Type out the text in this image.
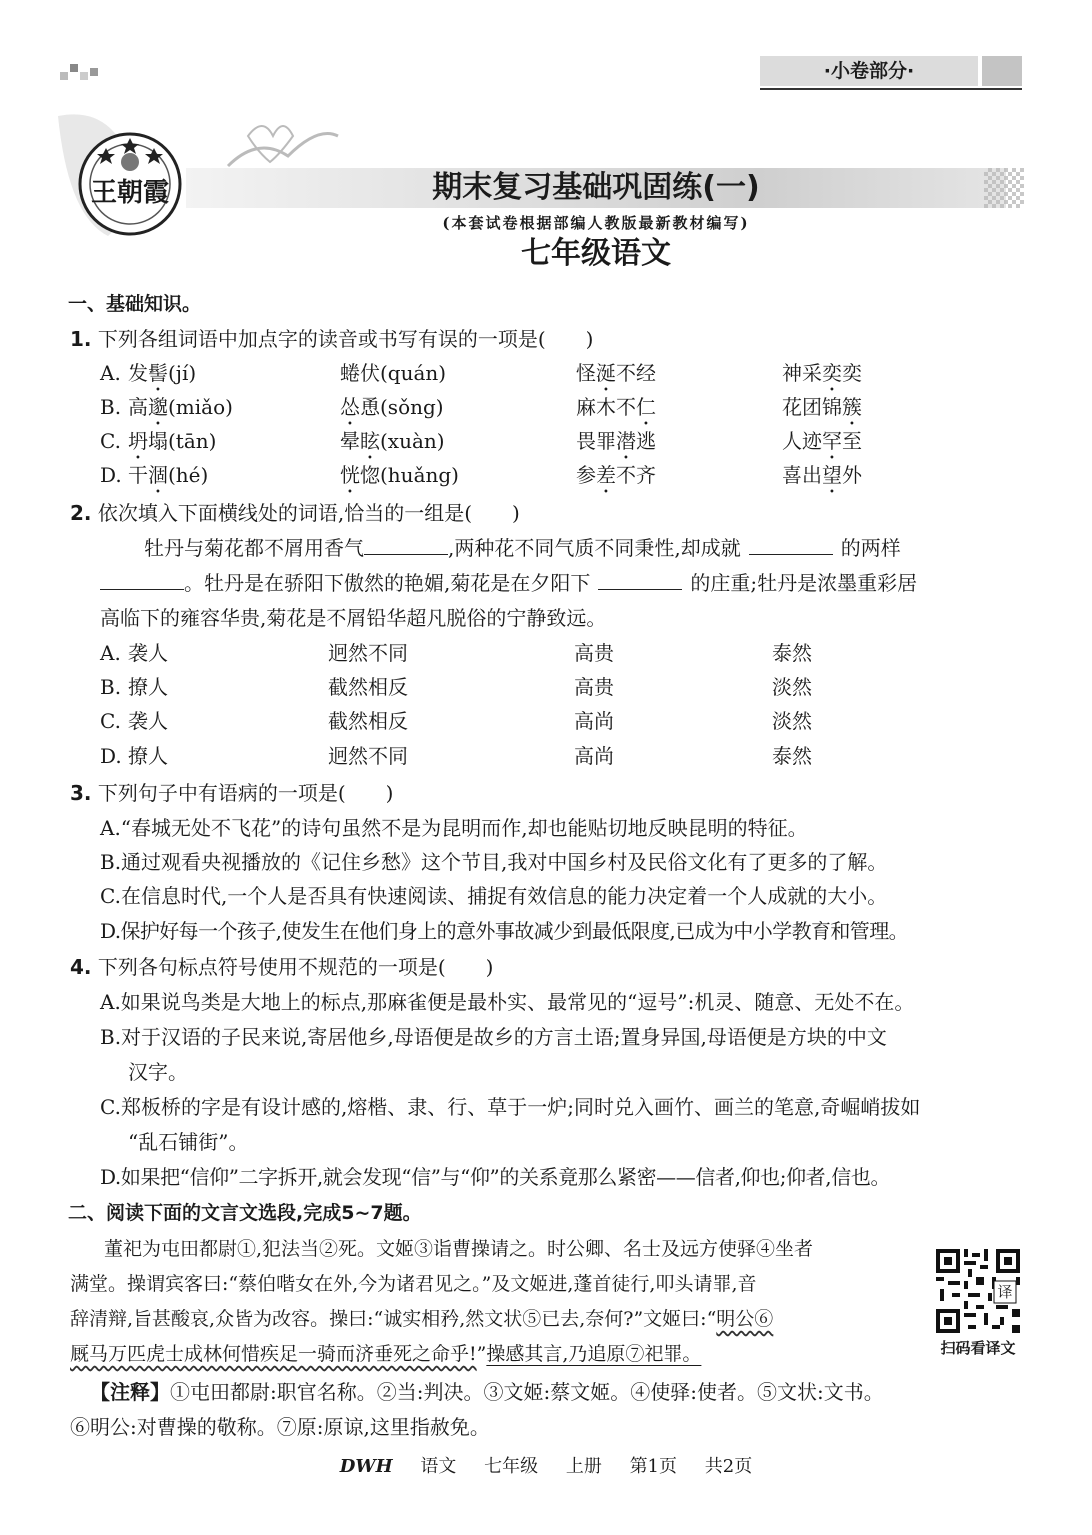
·小卷部分·
王朝霞	期末复习基础巩固练(一)
(本套试卷根据部编人教版最新教材编写)
七年级语文
一、基础知识。
1. 下列各组词语中加点字的读音或书写有误的一项是(　　)
A. 发髻(jí)	蜷伏(quán)	怪涎不经	神采奕奕
B. 高邈(miǎo)	怂恿(sǒng)	麻木不仁	花团锦簇
C. 坍塌(tān)	晕眩(xuàn)	畏罪潜逃	人迹罕至
D. 干涸(hé)	恍惚(huǎng)	参差不齐	喜出望外
2. 依次填入下面横线处的词语,恰当的一组是(　　)
牡丹与菊花都不屑用香气	,两种花不同气质不同秉性,却成就	的两样
。牡丹是在骄阳下傲然的艳媚,菊花是在夕阳下	的庄重;牡丹是浓墨重彩居
高临下的雍容华贵,菊花是不屑铅华超凡脱俗的宁静致远。
A. 袭人	迥然不同	高贵	泰然
B. 撩人	截然相反	高贵	淡然
C. 袭人	截然相反	高尚	淡然
D. 撩人	迥然不同	高尚	泰然
3. 下列句子中有语病的一项是(　　)
A.“春城无处不飞花”的诗句虽然不是为昆明而作,却也能贴切地反映昆明的特征。
B.通过观看央视播放的《记住乡愁》这个节目,我对中国乡村及民俗文化有了更多的了解。
C.在信息时代,一个人是否具有快速阅读、捕捉有效信息的能力决定着一个人成就的大小。
D.保护好每一个孩子,使发生在他们身上的意外事故减少到最低限度,已成为中小学教育和管理。
4. 下列各句标点符号使用不规范的一项是(　　)
A.如果说鸟类是大地上的标点,那麻雀便是最朴实、最常见的“逗号”:机灵、随意、无处不在。
B.对于汉语的子民来说,寄居他乡,母语便是故乡的方言土语;置身异国,母语便是方块的中文
汉字。
C.郑板桥的字是有设计感的,熔楷、隶、行、草于一炉;同时兑入画竹、画兰的笔意,奇崛峭拔如
“乱石铺街”。
D.如果把“信仰”二字拆开,就会发现“信”与“仰”的关系竟那么紧密——信者,仰也;仰者,信也。
二、阅读下面的文言文选段,完成5~7题。
董祀为屯田都尉①,犯法当②死。文姬③诣曹操请之。时公卿、名士及远方使驿④坐者
满堂。操谓宾客曰:“蔡伯喈女在外,今为诸君见之。”及文姬进,蓬首徒行,叩头请罪,音
辞清辩,旨甚酸哀,众皆为改容。操曰:“诚实相矜,然文状⑤已去,奈何?”文姬曰:“明公⑥
厩马万匹虎士成林何惜疾足一骑而济垂死之命乎!”操感其言,乃追原⑦祀罪。
译
扫码看译文
【注释】①屯田都尉:职官名称。②当:判决。③文姬:蔡文姬。④使驿:使者。⑤文状:文书。
⑥明公:对曹操的敬称。⑦原:原谅,这里指赦免。
DWH 语文 七年级 上册 第1页 共2页
